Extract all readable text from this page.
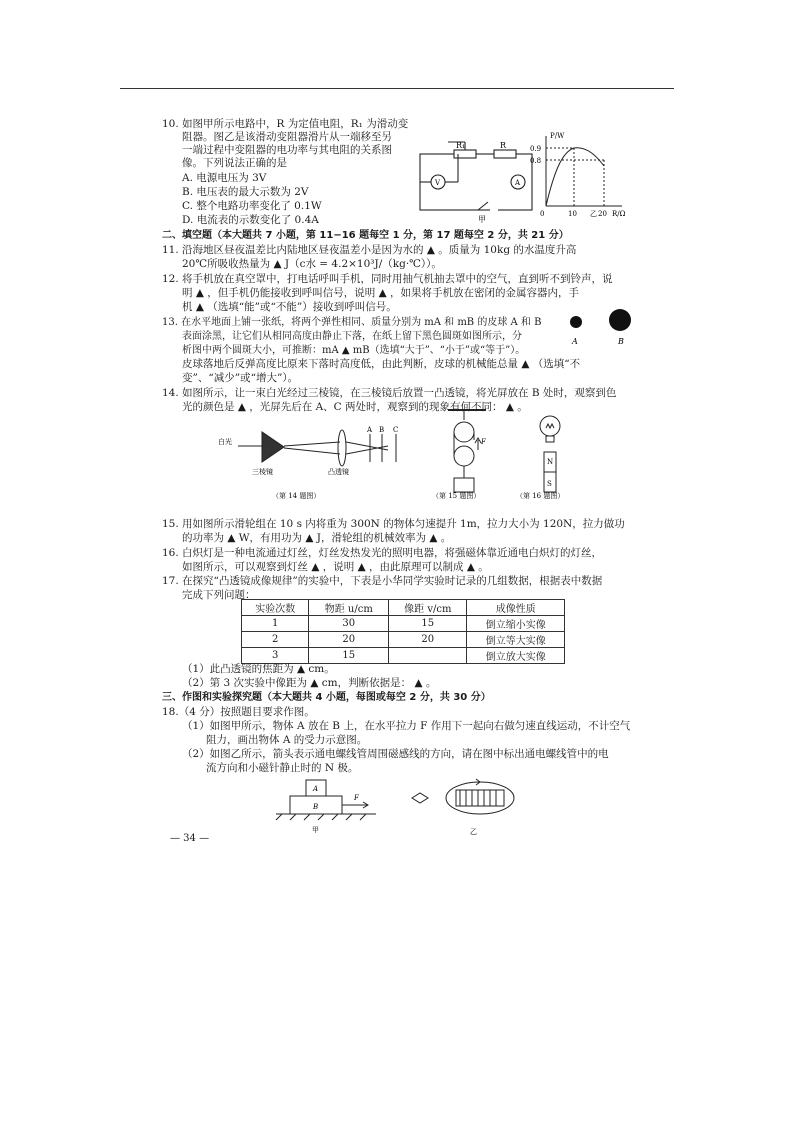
10. 如图甲所示电路中，R 为定值电阻，R₁ 为滑动变
阻器。图乙是该滑动变阻器滑片从一端移至另
一端过程中变阻器的电功率与其电阻的关系图
像。下列说法正确的是
A. 电源电压为 3V
B. 电压表的最大示数为 2V
C. 整个电路功率变化了 0.1W
D. 电流表的示数变化了 0.4A
R₁	R
V	A
甲
P/W
0.9
0.8
0	10	20 R/Ω
乙
二、填空题（本大题共 7 小题，第 11−16 题每空 1 分，第 17 题每空 2 分，共 21 分）
11. 沿海地区昼夜温差比内陆地区昼夜温差小是因为水的 ▲ 。质量为 10kg 的水温度升高
20℃所吸收热量为 ▲ J（c水 = 4.2×10³J/（kg·℃））。
12. 将手机放在真空罩中，打电话呼叫手机，同时用抽气机抽去罩中的空气，直到听不到铃声，说
明 ▲ ，但手机仍能接收到呼叫信号，说明 ▲ ，如果将手机放在密闭的金属容器内，手
机 ▲ （选填“能”或“不能”）接收到呼叫信号。
13. 在水平地面上铺一张纸，将两个弹性相同、质量分别为 mA 和 mB 的皮球 A 和 B
表面涂黑，让它们从相同高度由静止下落，在纸上留下黑色圆斑如图所示，分
析图中两个圆斑大小，可推断：mA ▲ mB（选填“大于”、“小于”或“等于”）。
皮球落地后反弹高度比原来下落时高度低，由此判断，皮球的机械能总量 ▲ （选填“不
变”、“减少”或“增大”）。
A	B
14. 如图所示，让一束白光经过三棱镜，在三棱镜后放置一凸透镜，将光屏放在 B 处时，观察到色
光的颜色是 ▲ ，光屏先后在 A、C 两处时，观察到的现象有何不同： ▲ 。
白光
三棱镜	凸透镜
A B C
（第 14 题图）
F
（第 15 题图）
N
S
（第 16 题图）
15. 用如图所示滑轮组在 10 s 内将重为 300N 的物体匀速提升 1m，拉力大小为 120N，拉力做功
的功率为 ▲ W，有用功为 ▲ J，滑轮组的机械效率为 ▲ 。
16. 白炽灯是一种电流通过灯丝，灯丝发热发光的照明电器，将强磁体靠近通电白炽灯的灯丝，
如图所示，可以观察到灯丝 ▲ ，说明 ▲ ，由此原理可以制成 ▲ 。
17. 在探究“凸透镜成像规律”的实验中，下表是小华同学实验时记录的几组数据，根据表中数据
完成下列问题：
实验次数	物距 u/cm	像距 v/cm	成像性质
1	30	15	倒立缩小实像
2	20	20	倒立等大实像
3	15		倒立放大实像
（1）此凸透镜的焦距为 ▲ cm。
（2）第 3 次实验中像距为 ▲ cm，判断依据是： ▲ 。
三、作图和实验探究题（本大题共 4 小题，每图或每空 2 分，共 30 分）
18.（4 分）按照题目要求作图。
（1）如图甲所示，物体 A 放在 B 上，在水平拉力 F 作用下一起向右做匀速直线运动，不计空气
阻力，画出物体 A 的受力示意图。
（2）如图乙所示，箭头表示通电螺线管周围磁感线的方向，请在图中标出通电螺线管中的电
流方向和小磁针静止时的 N 极。
A
B
F
甲	乙
— 34 —
